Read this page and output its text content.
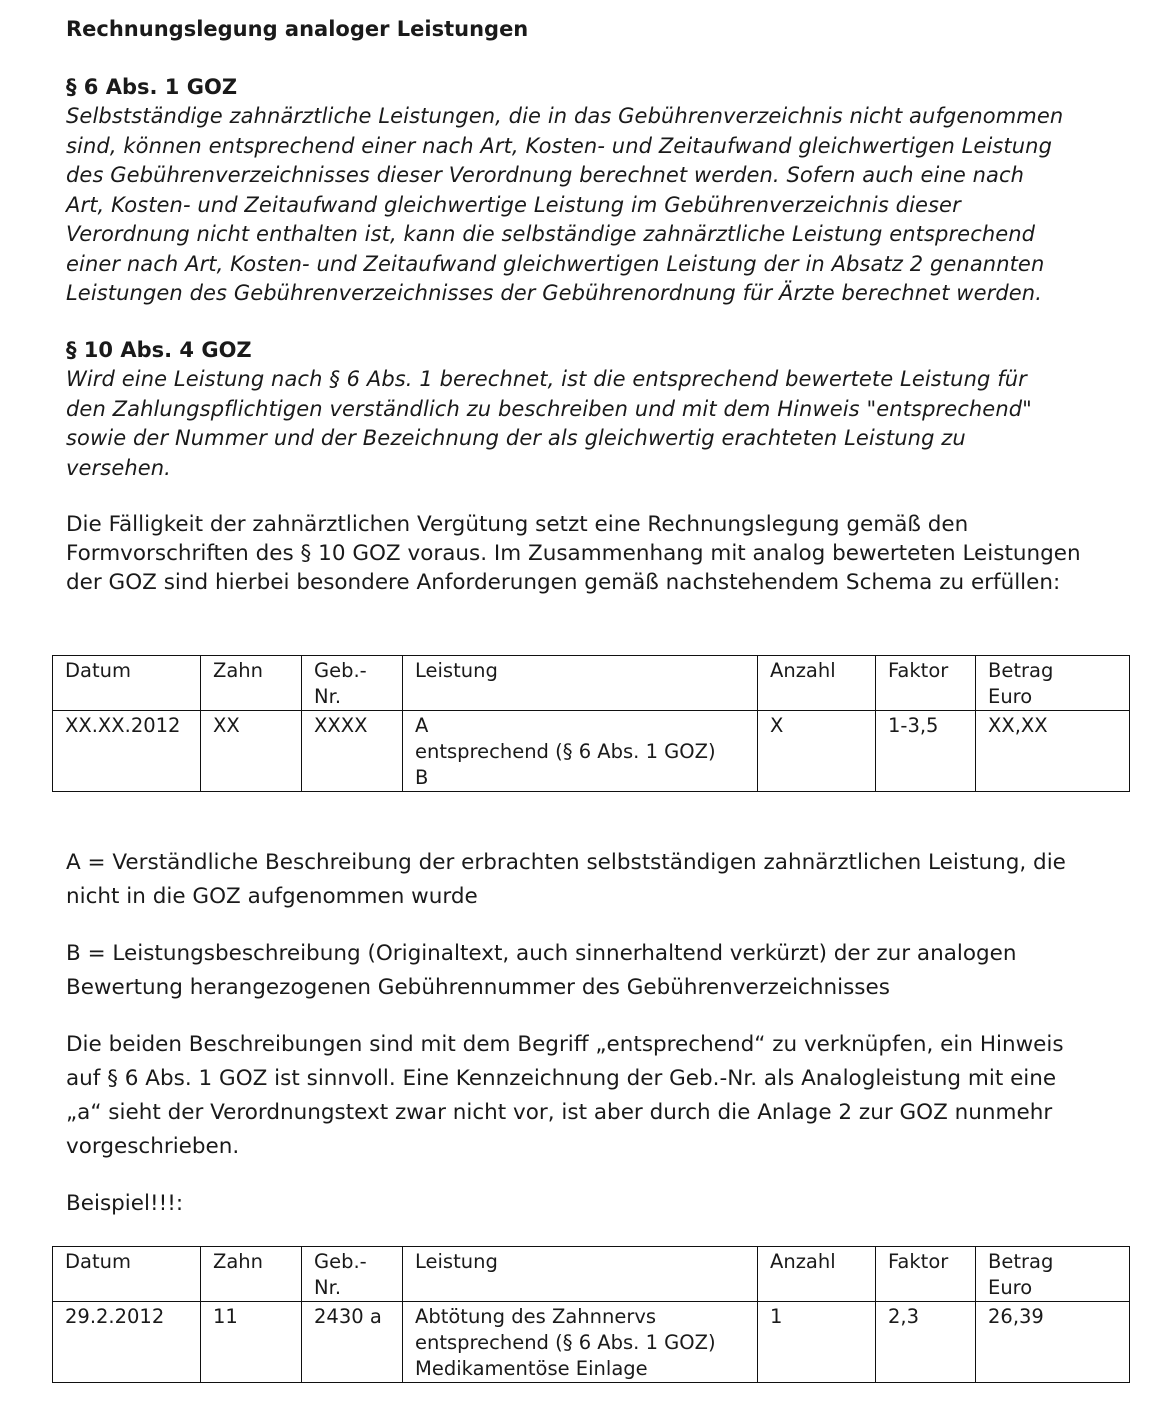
Rechnungslegung analoger Leistungen
§ 6 Abs. 1 GOZ
Selbstständige zahnärztliche Leistungen, die in das Gebührenverzeichnis nicht aufgenommen
sind, können entsprechend einer nach Art, Kosten- und Zeitaufwand gleichwertigen Leistung
des Gebührenverzeichnisses dieser Verordnung berechnet werden. Sofern auch eine nach
Art, Kosten- und Zeitaufwand gleichwertige Leistung im Gebührenverzeichnis dieser
Verordnung nicht enthalten ist, kann die selbständige zahnärztliche Leistung entsprechend
einer nach Art, Kosten- und Zeitaufwand gleichwertigen Leistung der in Absatz 2 genannten
Leistungen des Gebührenverzeichnisses der Gebührenordnung für Ärzte berechnet werden.
§ 10 Abs. 4 GOZ
Wird eine Leistung nach § 6 Abs. 1 berechnet, ist die entsprechend bewertete Leistung für
den Zahlungspflichtigen verständlich zu beschreiben und mit dem Hinweis "entsprechend"
sowie der Nummer und der Bezeichnung der als gleichwertig erachteten Leistung zu
versehen.
Die Fälligkeit der zahnärztlichen Vergütung setzt eine Rechnungslegung gemäß den
Formvorschriften des § 10 GOZ voraus. Im Zusammenhang mit analog bewerteten Leistungen
der GOZ sind hierbei besondere Anforderungen gemäß nachstehendem Schema zu erfüllen:
Datum	Zahn	Geb.-
Nr.	Leistung	Anzahl	Faktor	Betrag
Euro
XX.XX.2012	XX	XXXX	A
entsprechend (§ 6 Abs. 1 GOZ)
B	X	1-3,5	XX,XX
A = Verständliche Beschreibung der erbrachten selbstständigen zahnärztlichen Leistung, die
nicht in die GOZ aufgenommen wurde
B = Leistungsbeschreibung (Originaltext, auch sinnerhaltend verkürzt) der zur analogen
Bewertung herangezogenen Gebührennummer des Gebührenverzeichnisses
Die beiden Beschreibungen sind mit dem Begriff „entsprechend“ zu verknüpfen, ein Hinweis
auf § 6 Abs. 1 GOZ ist sinnvoll. Eine Kennzeichnung der Geb.-Nr. als Analogleistung mit eine
„a“ sieht der Verordnungstext zwar nicht vor, ist aber durch die Anlage 2 zur GOZ nunmehr
vorgeschrieben.
Beispiel!!!:
Datum	Zahn	Geb.-
Nr.	Leistung	Anzahl	Faktor	Betrag
Euro
29.2.2012	11	2430 a	Abtötung des Zahnnervs
entsprechend (§ 6 Abs. 1 GOZ)
Medikamentöse Einlage	1	2,3	26,39
